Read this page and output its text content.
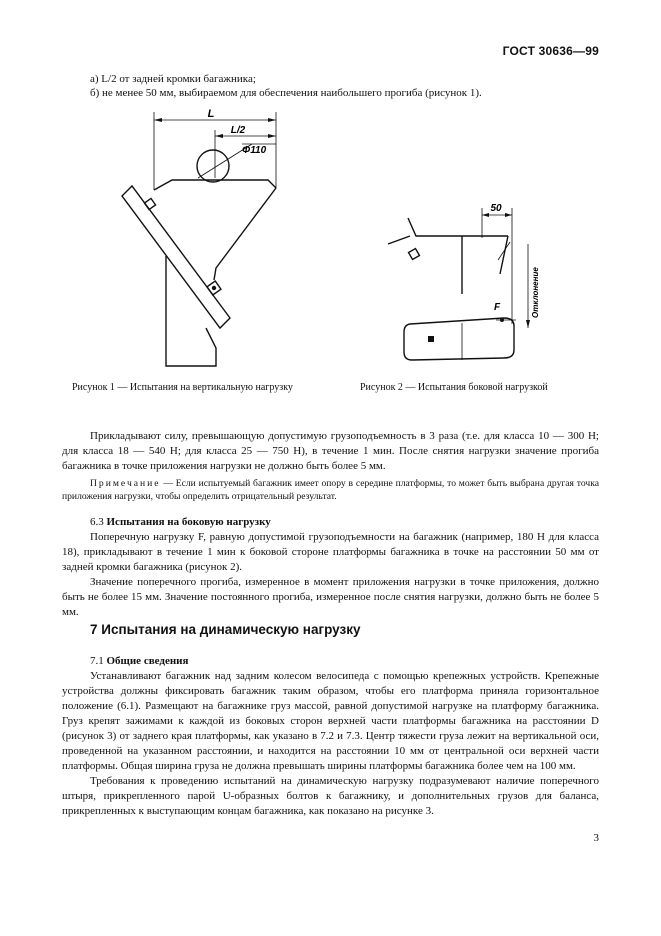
ГОСТ 30636—99
а) L/2 от задней кромки багажника;
б) не менее 50 мм, выбираемом для обеспечения наибольшего прогиба (рисунок 1).
L
L/2
Φ110
50
F	Отклонение
Рисунок 1 — Испытания на вертикальную нагрузку	Рисунок 2 — Испытания боковой нагрузкой

Прикладывают силу, превышающую допустимую грузоподъемность в 3 раза (т.е. для класса 10 — 300 Н; для класса 18 — 540 Н; для класса 25 — 750 Н), в течение 1 мин. После снятия нагрузки значение прогиба багажника в точке приложения нагрузки не должно быть более 5 мм.

Примечание — Если испытуемый багажник имеет опору в середине платформы, то может быть выбрана другая точка приложения нагрузки, чтобы определить отрицательный результат.
6.3 Испытания на боковую нагрузку

Поперечную нагрузку F, равную допустимой грузоподъемности на багажник (например, 180 Н для класса 18), прикладывают в течение 1 мин к боковой стороне платформы багажника в точке на расстоянии 50 мм от задней кромки багажника (рисунок 2).

Значение поперечного прогиба, измеренное в момент приложения нагрузки в точке приложения, должно быть не более 15 мм. Значение постоянного прогиба, измеренное после снятия нагрузки, должно быть не более 5 мм.

7 Испытания на динамическую нагрузку
7.1 Общие сведения

Устанавливают багажник над задним колесом велосипеда с помощью крепежных устройств. Крепежные устройства должны фиксировать багажник таким образом, чтобы его платформа приняла горизонтальное положение (6.1). Размещают на багажнике груз массой, равной допустимой нагрузке на платформу багажника. Груз крепят зажимами к каждой из боковых сторон верхней части платформы багажника на расстоянии D (рисунок 3) от заднего края платформы, как указано в 7.2 и 7.3. Центр тяжести груза лежит на вертикальной оси, проведенной на указанном расстоянии, и находится на расстоянии 10 мм от центральной оси верхней части платформы. Общая ширина груза не должна превышать ширины платформы багажника более чем на 100 мм.

Требования к проведению испытаний на динамическую нагрузку подразумевают наличие поперечного штыря, прикрепленного парой U-образных болтов к багажнику, и дополнительных грузов для баланса, прикрепленных к выступающим концам багажника, как показано на рисунке 3.

3
